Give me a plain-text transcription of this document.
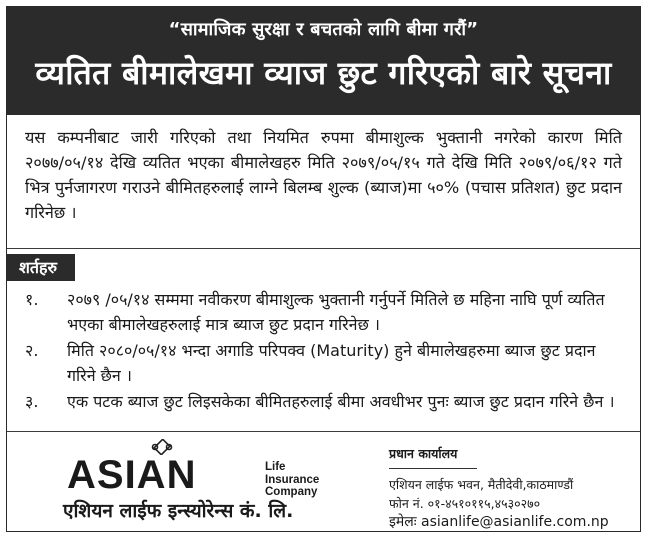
“सामाजिक सुरक्षा र बचतको लागि बीमा गरौं”
व्यतित बीमालेखमा व्याज छुट गरिएको बारे सूचना
यस कम्पनीबाट जारी गरिएको तथा नियमित रुपमा बीमाशुल्क भुक्तानी नगरेको कारण मिति २०७७/०५/१४ देखि व्यतित भएका बीमालेखहरु मिति २०७९/०५/१५ गते देखि मिति २०७९/०६/१२ गते भित्र पुर्नजागरण गराउने बीमितहरुलाई लाग्ने बिलम्ब शुल्क (ब्याज)मा ५०% (पचास प्रतिशत) छुट प्रदान गरिनेछ ।
शर्तहरु
१.	२०७९ /०५/१४ सम्ममा नवीकरण बीमाशुल्क भुक्तानी गर्नुपर्ने मितिले छ महिना नाघि पूर्ण व्यतित भएका बीमालेखहरुलाई मात्र ब्याज छुट प्रदान गरिनेछ ।
२.	मिति २०८०/०५/१४ भन्दा अगाडि परिपक्व (Maturity) हुने बीमालेखहरुमा ब्याज छुट प्रदान गरिने छैन ।
३.	एक पटक ब्याज छुट लिइसकेका बीमितहरुलाई बीमा अवधीभर पुनः ब्याज छुट प्रदान गरिने छैन ।
ASIAN	Life
Insurance
Company
एशियन लाईफ इन्स्योरेन्स कं. लि.
प्रधान कार्यालय
एशियन लाईफ भवन, मैतीदेवी,काठमाण्डौं
फोन नं. ०१-४५१०११५,४५३०२७०
इमेलः asianlife@asianlife.com.np
